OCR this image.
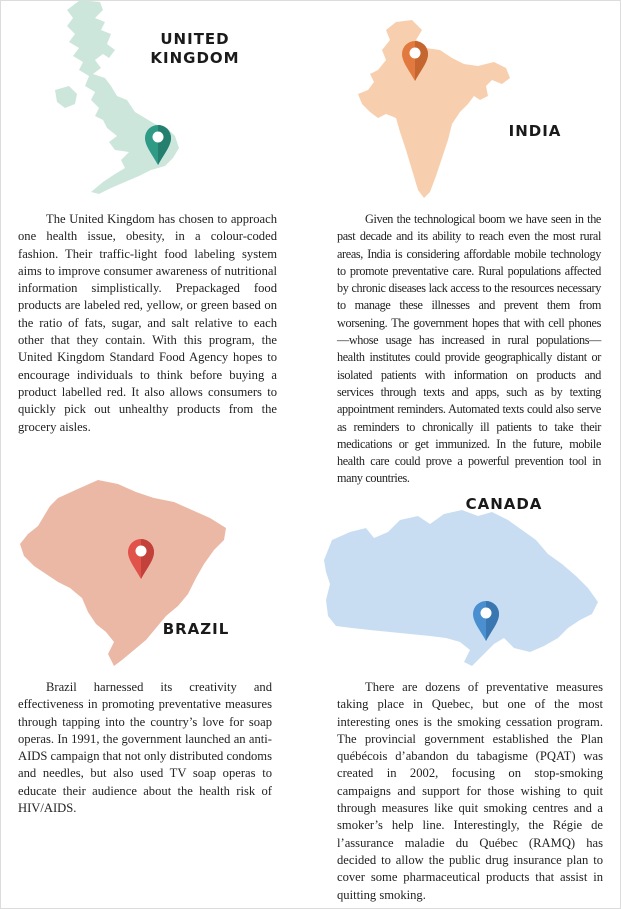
UNITED
KINGDOM

The United Kingdom has chosen to approach one health issue, obesity, in a colour-coded fashion. Their traffic-light food labeling system aims to improve consumer awareness of nutritional information simplistically. Prepackaged food products are labeled red, yellow, or green based on the ratio of fats, sugar, and salt relative to each other that they contain. With this program, the United Kingdom Standard Food Agency hopes to encourage individuals to think before buying a product labelled red. It also allows consumers to quickly pick out unhealthy products from the grocery aisles.

INDIA

Given the technological boom we have seen in the past decade and its ability to reach even the most rural areas, India is considering affordable mobile technology to promote preventative care. Rural populations affected by chronic diseases lack access to the resources necessary to manage these illnesses and prevent them from worsening. The government hopes that with cell phones—whose usage has increased in rural populations—health institutes could provide geographically distant or isolated patients with information on products and services through texts and apps, such as by texting appointment reminders. Automated texts could also serve as reminders to chronically ill patients to take their medications or get immunized. In the future, mobile health care could prove a powerful prevention tool in many countries.

BRAZIL

Brazil harnessed its creativity and effectiveness in promoting preventative measures through tapping into the country’s love for soap operas. In 1991, the government launched an anti-AIDS campaign that not only distributed condoms and needles, but also used TV soap operas to educate their audience about the health risk of HIV/AIDS.

CANADA

There are dozens of preventative measures taking place in Quebec, but one of the most interesting ones is the smoking cessation program. The provincial government established the Plan québécois d’abandon du tabagisme (PQAT) was created in 2002, focusing on stop-smoking campaigns and support for those wishing to quit through measures like quit smoking centres and a smoker’s help line. Interestingly, the Régie de l’assurance maladie du Québec (RAMQ) has decided to allow the public drug insurance plan to cover some pharmaceutical products that assist in quitting smoking.
